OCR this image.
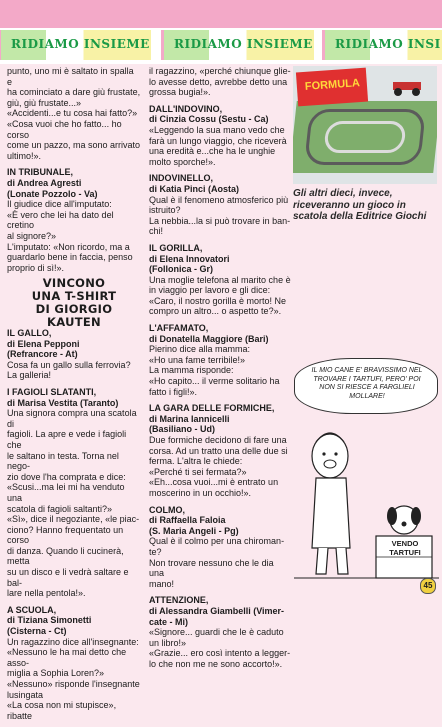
RIDIAMO INSIEME RIDIAMO INSIEME RIDIAMO INSI

punto, uno mi è saltato in spalla e
ha cominciato a dare giù frustate,
giù, giù frustate...»
«Accidenti...e tu cosa hai fatto?»
«Cosa vuoi che ho fatto... ho corso
come un pazzo, ma sono arrivato
ultimo!».

IN TRIBUNALE,
di Andrea Agresti
(Lonate Pozzolo - Va)
Il giudice dice all'imputato:
«È vero che lei ha dato del cretino
al signore?»
L'imputato: «Non ricordo, ma a
guardarlo bene in faccia, penso
proprio di sì!».

VINCONO
UNA T-SHIRT
DI GIORGIO KAUTEN

IL GALLO,
di Elena Pepponi
(Refrancore - At)
Cosa fa un gallo sulla ferrovia?
La galleria!

I FAGIOLI SLATANTI,
di Marisa Vestita (Taranto)
Una signora compra una scatola di
fagioli. La apre e vede i fagioli che
le saltano in testa. Torna nel nego-
zio dove l'ha comprata e dice:
«Scusi...ma lei mi ha venduto una
scatola di fagioli saltanti?»
«Sì», dice il negoziante, «le piac-
ciono? Hanno frequentato un corso
di danza. Quando li cucinerà, metta
su un disco e li vedrà saltare e bal-
lare nella pentola!».

A SCUOLA,
di Tiziana Simonetti
(Cisterna - Ct)
Un ragazzino dice all'insegnante:
«Nessuno le ha mai detto che asso-
miglia a Sophia Loren?»
«Nessuno» risponde l'insegnante
lusingata
«La cosa non mi stupisce», ribatte

il ragazzino, «perché chiunque glie-
lo avesse detto, avrebbe detto una
grossa bugia!».

DALL'INDOVINO,
di Cinzia Cossu (Sestu - Ca)
«Leggendo la sua mano vedo che
farà un lungo viaggio, che riceverà
una eredità e...che ha le unghie
molto sporche!».

INDOVINELLO,
di Katia Pinci (Aosta)
Qual è il fenomeno atmosferico più
istruito?
La nebbia...la si può trovare in ban-
chi!

IL GORILLA,
di Elena Innovatori
(Follonica - Gr)
Una moglie telefona al marito che è
in viaggio per lavoro e gli dice:
«Caro, il nostro gorilla è morto! Ne
compro un altro... o aspetto te?».

L'AFFAMATO,
di Donatella Maggiore (Bari)
Pierino dice alla mamma:
«Ho una fame terribile!»
La mamma risponde:
«Ho capito... il verme solitario ha
fatto i figli!».

LA GARA DELLE FORMICHE,
di Marina Iannicelli
(Basiliano - Ud)
Due formiche decidono di fare una
corsa. Ad un tratto una delle due si
ferma. L'altra le chiede:
«Perché ti sei fermata?»
«Eh...cosa vuoi...mi è entrato un
moscerino in un occhio!».

COLMO,
di Raffaella Faloia
(S. Maria Angeli - Pg)
Qual è il colmo per una chiroman-
te?
Non trovare nessuno che le dia una
mano!

ATTENZIONE,
di Alessandra Giambelli (Vimer-
cate - Mi)
«Signore... guardi che le è caduto
un libro!»
«Grazie... ero così intento a legger-
lo che non me ne sono accorto!».

FORMULA
Gli altri dieci, invece, riceveranno un gioco in scatola della Editrice Giochi
IL MIO CANE E' BRAVISSIMO NEL TROVARE I TARTUFI, PERO' POI NON SI RIESCE A FARGLIELI MOLLARE!
VENDO TARTUFI
45
